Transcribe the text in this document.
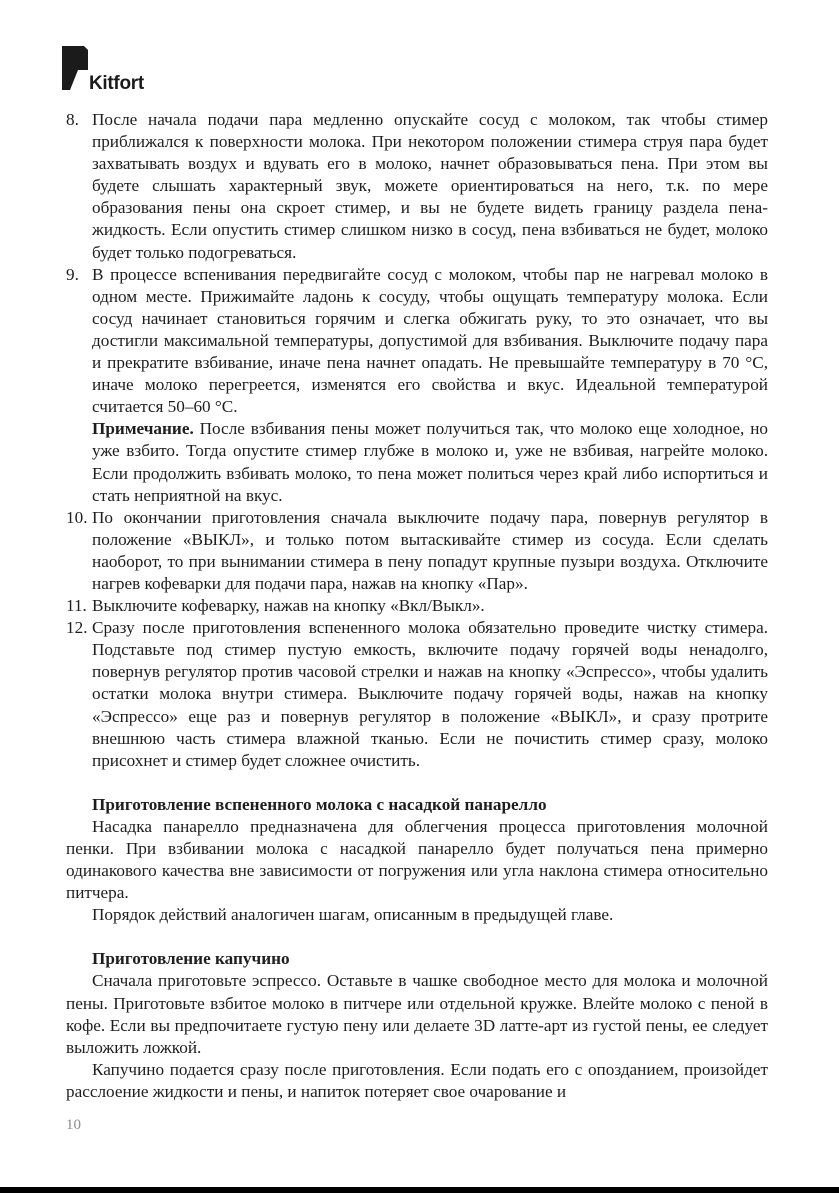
Kitfort
8. После начала подачи пара медленно опускайте сосуд с молоком, так чтобы стимер приближался к поверхности молока. При некотором положении стимера струя пара будет захватывать воздух и вдувать его в молоко, начнет образовываться пена. При этом вы будете слышать характерный звук, можете ориентироваться на него, т.к. по мере образования пены она скроет стимер, и вы не будете видеть границу раздела пена-жидкость. Если опустить стимер слишком низко в сосуд, пена взбиваться не будет, молоко будет только подогреваться.

9. В процессе вспенивания передвигайте сосуд с молоком, чтобы пар не нагревал молоко в одном месте. Прижимайте ладонь к сосуду, чтобы ощущать температуру молока. Если сосуд начинает становиться горячим и слегка обжигать руку, то это означает, что вы достигли максимальной температуры, допустимой для взбивания. Выключите подачу пара и прекратите взбивание, иначе пена начнет опадать. Не превышайте температуру в 70 °С, иначе молоко перегреется, изменятся его свойства и вкус. Идеальной температурой считается 50–60 °С.

Примечание. После взбивания пены может получиться так, что молоко еще холодное, но уже взбито. Тогда опустите стимер глубже в молоко и, уже не взбивая, нагрейте молоко. Если продолжить взбивать молоко, то пена может политься через край либо испортиться и стать неприятной на вкус.

10. По окончании приготовления сначала выключите подачу пара, повернув регулятор в положение «ВЫКЛ», и только потом вытаскивайте стимер из сосуда. Если сделать наоборот, то при вынимании стимера в пену попадут крупные пузыри воздуха. Отключите нагрев кофеварки для подачи пара, нажав на кнопку «Пар».

11. Выключите кофеварку, нажав на кнопку «Вкл/Выкл».

12. Сразу после приготовления вспененного молока обязательно проведите чистку стимера. Подставьте под стимер пустую емкость, включите подачу горячей воды ненадолго, повернув регулятор против часовой стрелки и нажав на кнопку «Эспрессо», чтобы удалить остатки молока внутри стимера. Выключите подачу горячей воды, нажав на кнопку «Эспрессо» еще раз и повернув регулятор в положение «ВЫКЛ», и сразу протрите внешнюю часть стимера влажной тканью. Если не почистить стимер сразу, молоко присохнет и стимер будет сложнее очистить.

Приготовление вспененного молока с насадкой панарелло

Насадка панарелло предназначена для облегчения процесса приготовления молочной пенки. При взбивании молока с насадкой панарелло будет получаться пена примерно одинакового качества вне зависимости от погружения или угла наклона стимера относительно питчера.

Порядок действий аналогичен шагам, описанным в предыдущей главе.

Приготовление капучино

Сначала приготовьте эспрессо. Оставьте в чашке свободное место для молока и молочной пены. Приготовьте взбитое молоко в питчере или отдельной кружке. Влейте молоко с пеной в кофе. Если вы предпочитаете густую пену или делаете 3D латте-арт из густой пены, ее следует выложить ложкой.

Капучино подается сразу после приготовления. Если подать его с опозданием, произойдет расслоение жидкости и пены, и напиток потеряет свое очарование и

10
